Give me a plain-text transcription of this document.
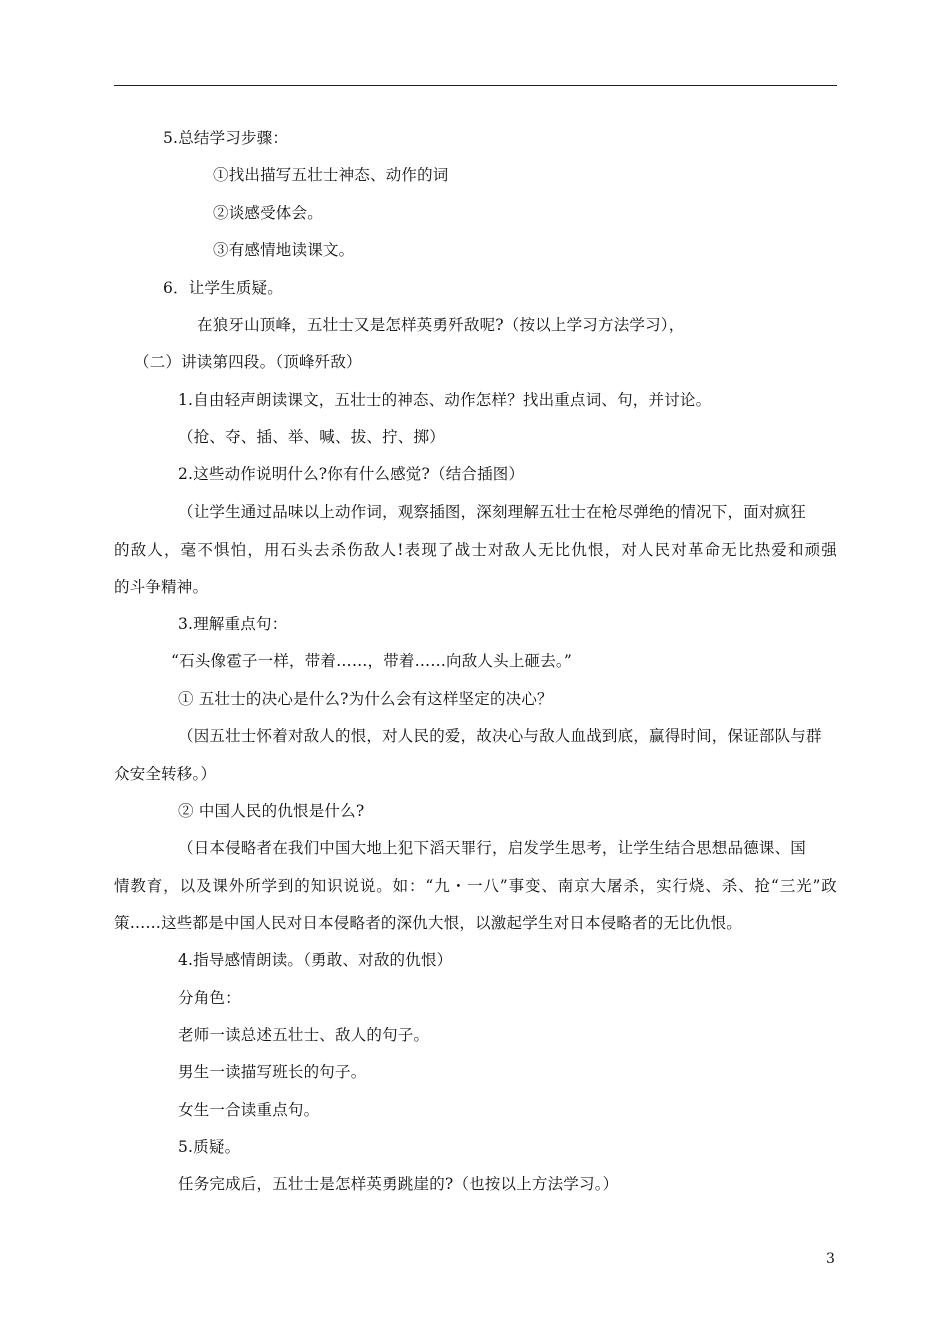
5.总结学习步骤：
①找出描写五壮士神态、动作的词
②谈感受体会。
③有感情地读课文。
6．让学生质疑。
在狼牙山顶峰，五壮士又是怎样英勇歼敌呢?（按以上学习方法学习），
（二）讲读第四段。（顶峰歼敌）
1.自由轻声朗读课文，五壮士的神态、动作怎样？找出重点词、句，并讨论。
（抢、夺、插、举、喊、拔、拧、掷）
2.这些动作说明什么?你有什么感觉?（结合插图）
（让学生通过品味以上动作词，观察插图，深刻理解五壮士在枪尽弹绝的情况下，面对疯狂
的敌人，毫不惧怕，用石头去杀伤敌人!表现了战士对敌人无比仇恨，对人民对革命无比热爱和顽强
的斗争精神。
3.理解重点句：
“石头像雹子一样，带着……，带着……向敌人头上砸去。”
① 五壮士的决心是什么?为什么会有这样坚定的决心？
（因五壮士怀着对敌人的恨，对人民的爱，故决心与敌人血战到底，赢得时间，保证部队与群
众安全转移。）
② 中国人民的仇恨是什么?
（日本侵略者在我们中国大地上犯下滔天罪行，启发学生思考，让学生结合思想品德课、国
情教育，以及课外所学到的知识说说。如：“九・一八”事变、南京大屠杀，实行烧、杀、抢“三光”政
策……这些都是中国人民对日本侵略者的深仇大恨，以激起学生对日本侵略者的无比仇恨。
4.指导感情朗读。（勇敢、对敌的仇恨）
分角色：
老师一读总述五壮士、敌人的句子。
男生一读描写班长的句子。
女生一合读重点句。
5.质疑。
任务完成后，五壮士是怎样英勇跳崖的?（也按以上方法学习。）
3
